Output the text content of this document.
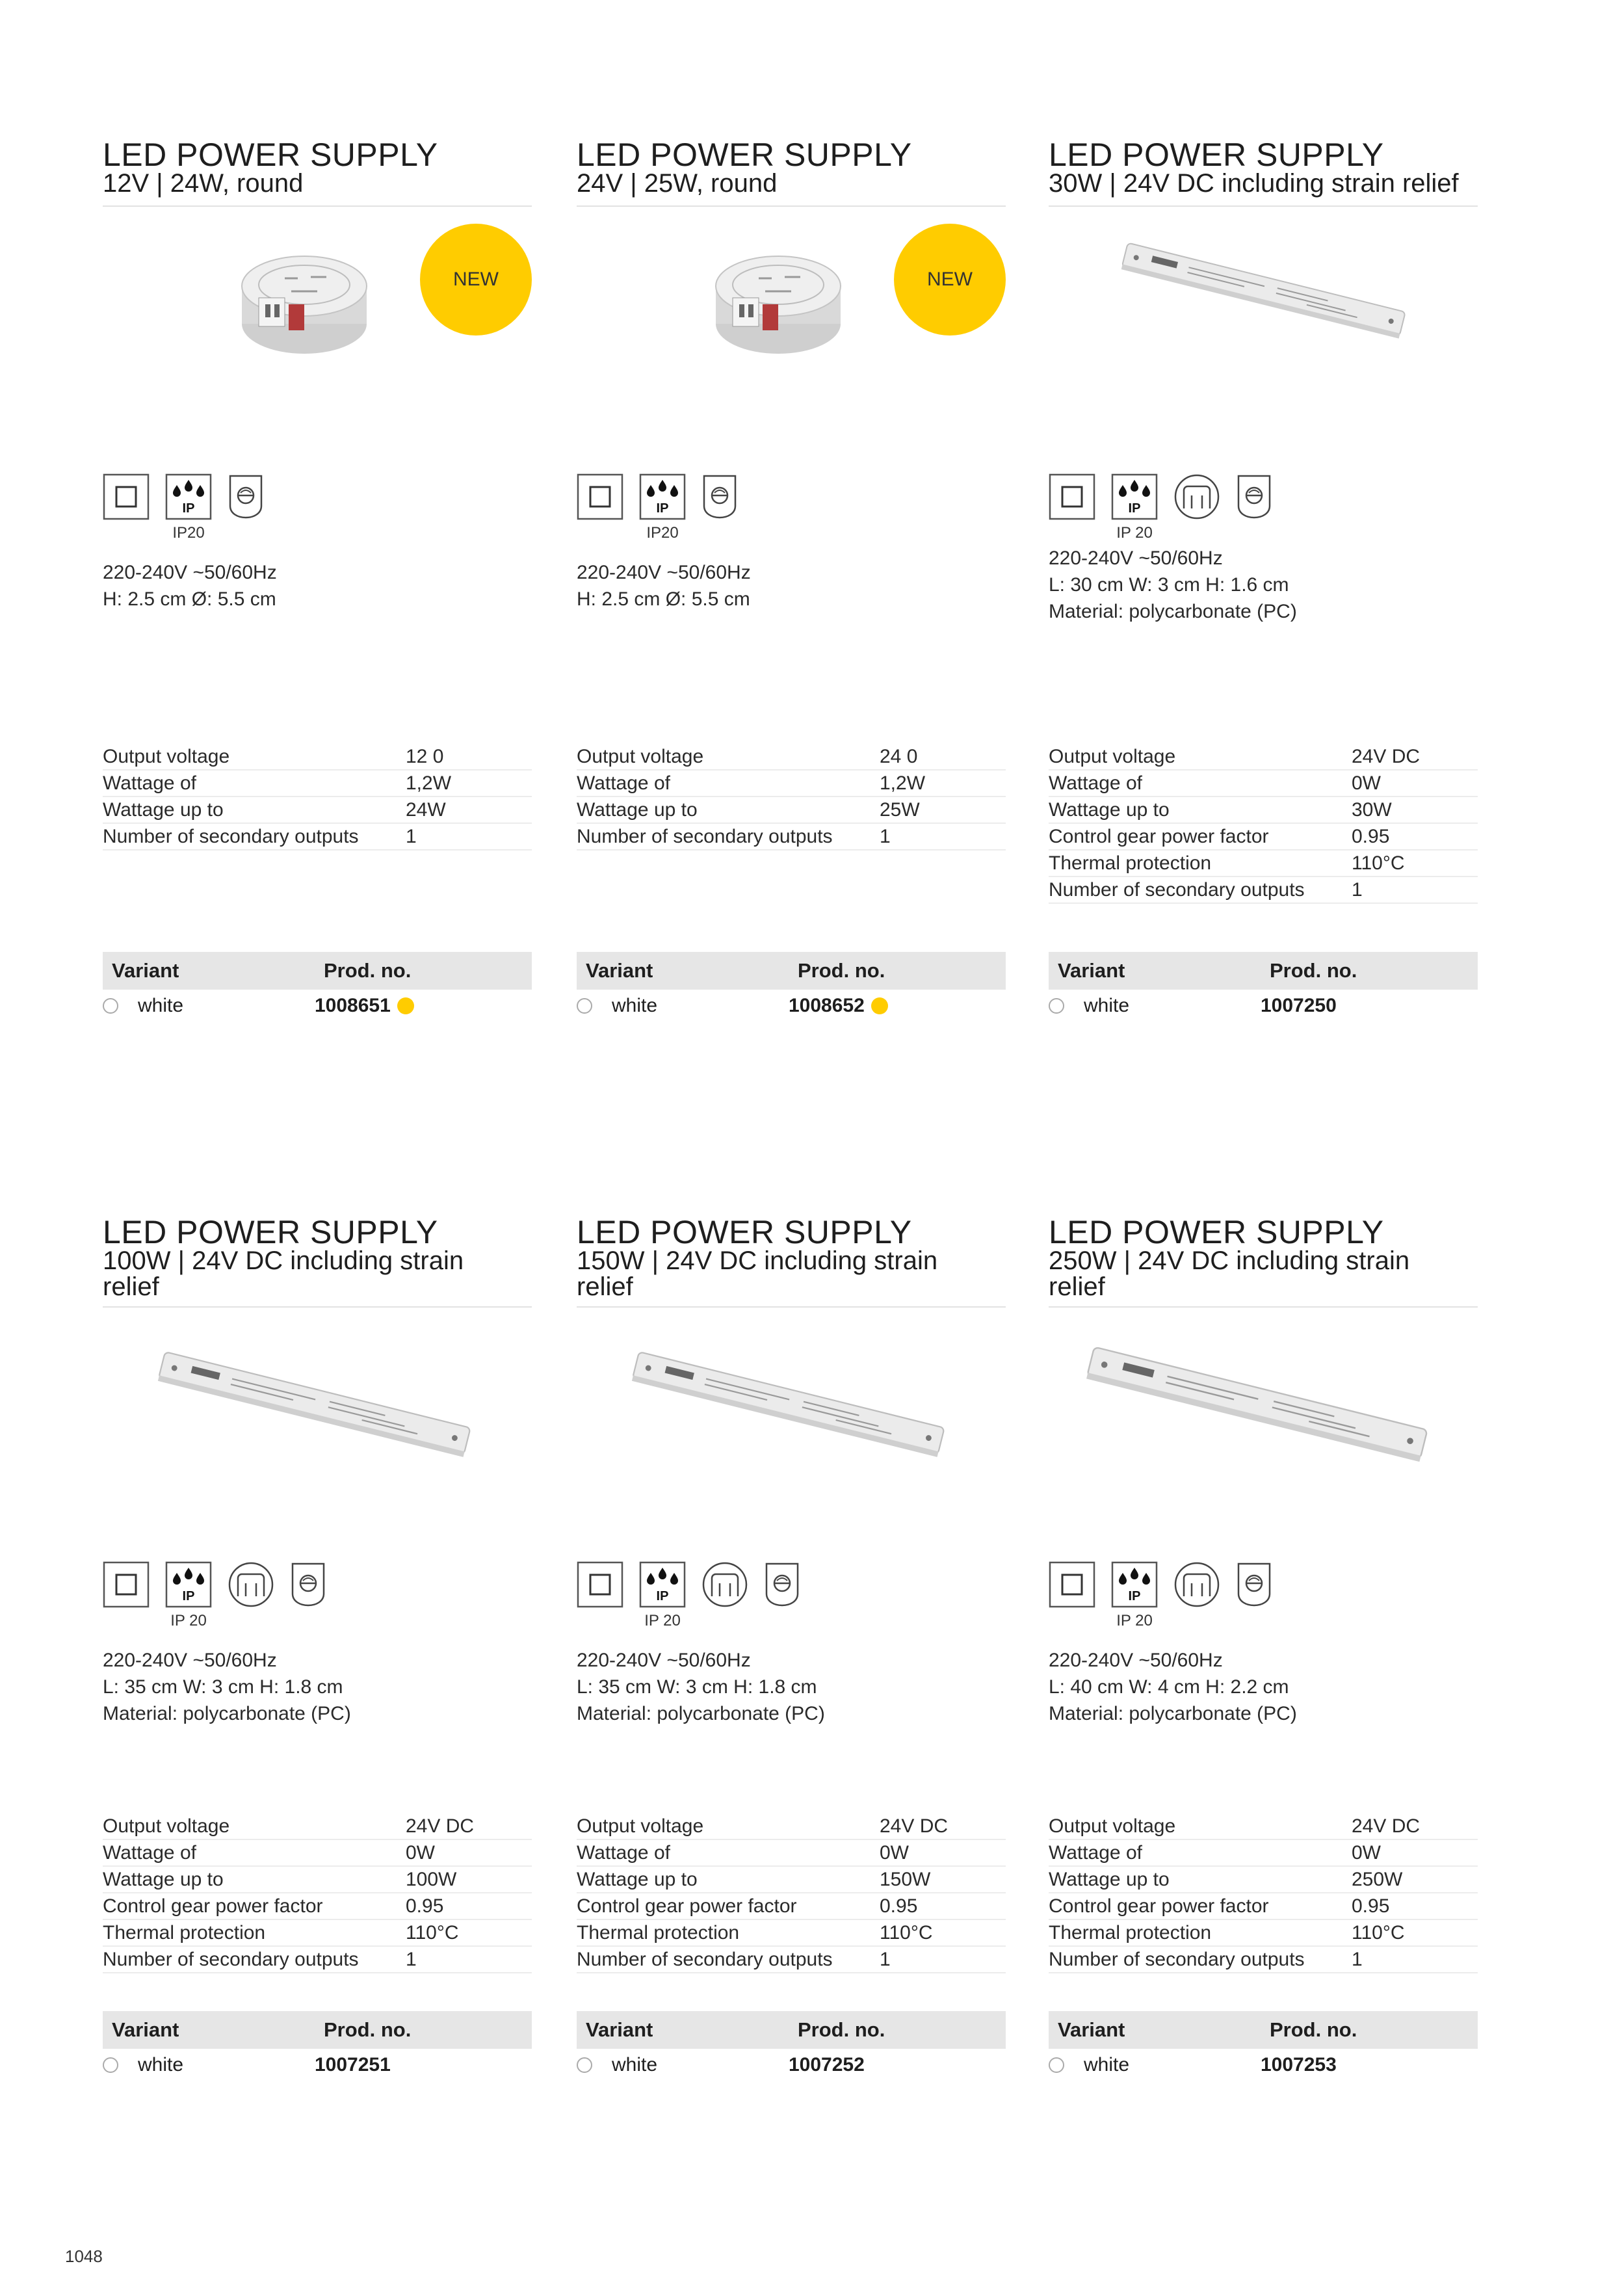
LED POWER SUPPLY
12V | 24W, round
NEW
IP20
220-240V ~50/60Hz
H: 2.5 cm Ø: 5.5 cm
Output voltage	12 0
Wattage of	1,2W
Wattage up to	24W
Number of secondary outputs	1
Variant	Prod. no.
white	1008651
LED POWER SUPPLY
24V | 25W, round
NEW
IP20
220-240V ~50/60Hz
H: 2.5 cm Ø: 5.5 cm
Output voltage	24 0
Wattage of	1,2W
Wattage up to	25W
Number of secondary outputs	1
Variant	Prod. no.
white	1008652
LED POWER SUPPLY
30W | 24V DC including strain relief
IP 20
220-240V ~50/60Hz
L: 30 cm W: 3 cm H: 1.6 cm
Material: polycarbonate (PC)
Output voltage	24V DC
Wattage of	0W
Wattage up to	30W
Control gear power factor	0.95
Thermal protection	110°C
Number of secondary outputs	1
Variant	Prod. no.
white	1007250
LED POWER SUPPLY
100W | 24V DC including strain relief
IP 20
220-240V ~50/60Hz
L: 35 cm W: 3 cm H: 1.8 cm
Material: polycarbonate (PC)
Output voltage	24V DC
Wattage of	0W
Wattage up to	100W
Control gear power factor	0.95
Thermal protection	110°C
Number of secondary outputs	1
Variant	Prod. no.
white	1007251
LED POWER SUPPLY
150W | 24V DC including strain relief
IP 20
220-240V ~50/60Hz
L: 35 cm W: 3 cm H: 1.8 cm
Material: polycarbonate (PC)
Output voltage	24V DC
Wattage of	0W
Wattage up to	150W
Control gear power factor	0.95
Thermal protection	110°C
Number of secondary outputs	1
Variant	Prod. no.
white	1007252
LED POWER SUPPLY
250W | 24V DC including strain relief
IP 20
220-240V ~50/60Hz
L: 40 cm W: 4 cm H: 2.2 cm
Material: polycarbonate (PC)
Output voltage	24V DC
Wattage of	0W
Wattage up to	250W
Control gear power factor	0.95
Thermal protection	110°C
Number of secondary outputs	1
Variant	Prod. no.
white	1007253
1048
